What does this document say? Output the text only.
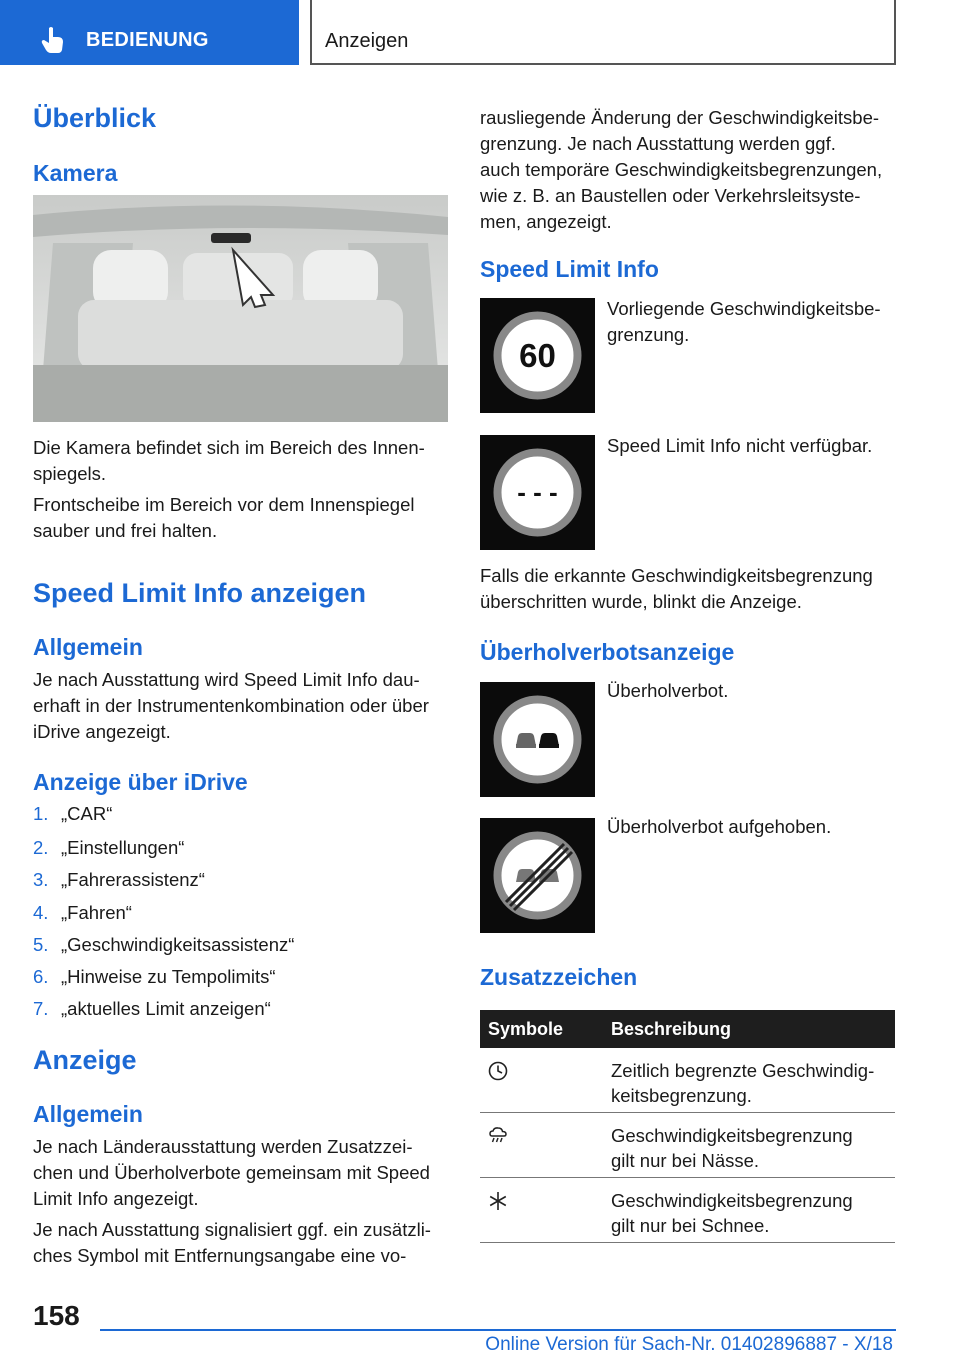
BEDIENUNG	Anzeigen
Überblick
Kamera
Die Kamera befindet sich im Bereich des Innen-
spiegels.
Frontscheibe im Bereich vor dem Innenspiegel
sauber und frei halten.
Speed Limit Info anzeigen
Allgemein
Je nach Ausstattung wird Speed Limit Info dau-
erhaft in der Instrumentenkombination oder über
iDrive angezeigt.
Anzeige über iDrive
1. „CAR“
2. „Einstellungen“
3. „Fahrerassistenz“
4. „Fahren“
5. „Geschwindigkeitsassistenz“
6. „Hinweise zu Tempolimits“
7. „aktuelles Limit anzeigen“
Anzeige
Allgemein
Je nach Länderausstattung werden Zusatzzei-
chen und Überholverbote gemeinsam mit Speed
Limit Info angezeigt.
Je nach Ausstattung signalisiert ggf. ein zusätzli-
ches Symbol mit Entfernungsangabe eine vo-
rausliegende Änderung der Geschwindigkeitsbe-
grenzung. Je nach Ausstattung werden ggf.
auch temporäre Geschwindigkeitsbegrenzungen,
wie z. B. an Baustellen oder Verkehrsleitsyste-
men, angezeigt.
Speed Limit Info
60
Vorliegende Geschwindigkeitsbe-
grenzung.
- - -
Speed Limit Info nicht verfügbar.
Falls die erkannte Geschwindigkeitsbegrenzung
überschritten wurde, blinkt die Anzeige.
Überholverbotsanzeige
Überholverbot.
Überholverbot aufgehoben.
Zusatzzeichen
Symbole	Beschreibung
Zeitlich begrenzte Geschwindig-
keitsbegrenzung.
Geschwindigkeitsbegrenzung
gilt nur bei Nässe.
Geschwindigkeitsbegrenzung
gilt nur bei Schnee.
158
Online Version für Sach-Nr. 01402896887 - X/18
